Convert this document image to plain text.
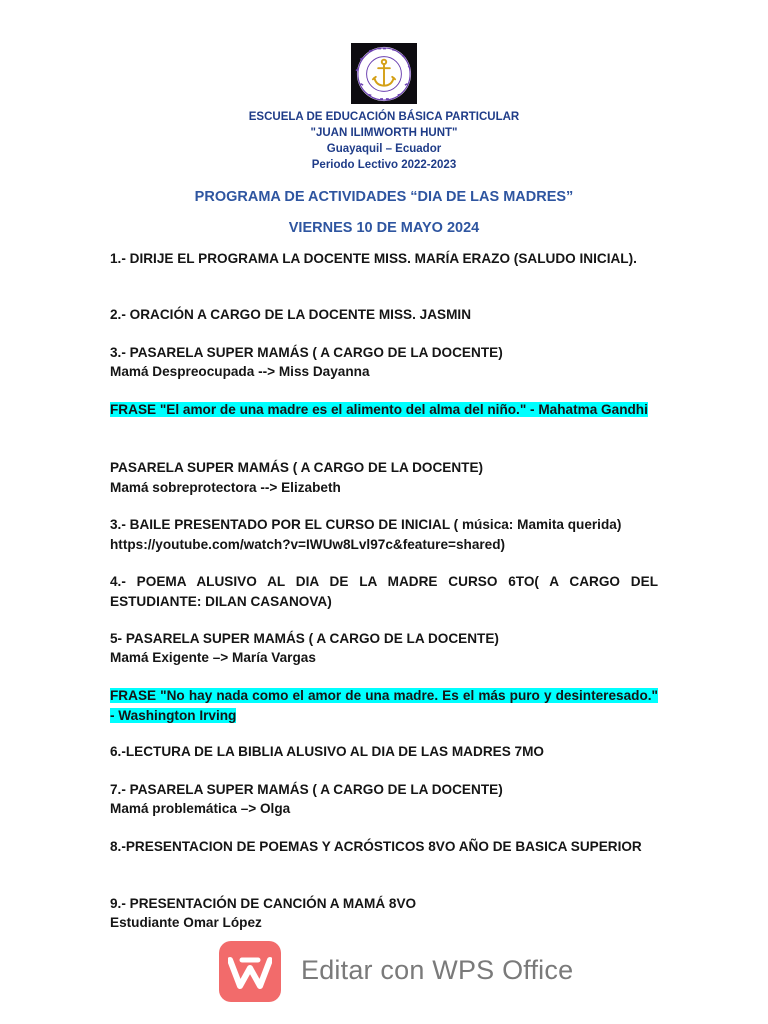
ESCUELA DE EDUCACIÓN BÁSICA PARTICULAR
"JUAN ILIMWORTH HUNT"
Guayaquil – Ecuador
Periodo Lectivo 2022-2023
PROGRAMA DE ACTIVIDADES “DIA DE LAS MADRES”
VIERNES 10 DE MAYO 2024
1.- DIRIJE EL PROGRAMA LA DOCENTE MISS. MARÍA ERAZO (SALUDO INICIAL).
2.- ORACIÓN A CARGO DE LA DOCENTE MISS. JASMIN
3.- PASARELA SUPER MAMÁS ( A CARGO DE LA DOCENTE)
Mamá Despreocupada --> Miss Dayanna
FRASE "El amor de una madre es el alimento del alma del niño." - Mahatma Gandhi
PASARELA SUPER MAMÁS ( A CARGO DE LA DOCENTE)
Mamá sobreprotectora --> Elizabeth
3.- BAILE PRESENTADO POR EL CURSO DE INICIAL ( música: Mamita querida)
https://youtube.com/watch?v=IWUw8Lvl97c&feature=shared)
4.- POEMA ALUSIVO AL DIA DE LA MADRE CURSO 6TO( A CARGO DEL ESTUDIANTE: DILAN CASANOVA)
5- PASARELA SUPER MAMÁS ( A CARGO DE LA DOCENTE)
Mamá Exigente –> María Vargas
FRASE "No hay nada como el amor de una madre. Es el más puro y desinteresado." - Washington Irving
6.-LECTURA DE LA BIBLIA ALUSIVO AL DIA DE LAS MADRES 7MO
7.- PASARELA SUPER MAMÁS ( A CARGO DE LA DOCENTE)
Mamá problemática –> Olga
8.-PRESENTACION DE POEMAS Y ACRÓSTICOS 8VO AÑO DE BASICA SUPERIOR
9.- PRESENTACIÓN DE CANCIÓN A MAMÁ 8VO
Estudiante Omar López
Editar con WPS Office
